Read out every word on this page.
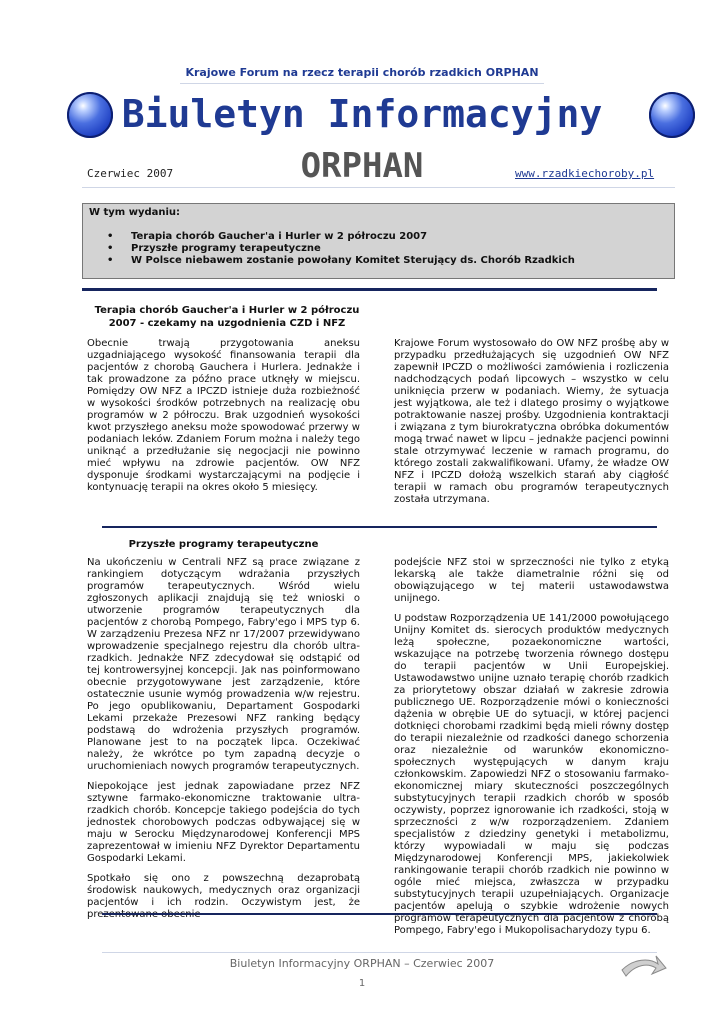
Krajowe Forum na rzecz terapii chorób rzadkich ORPHAN
Biuletyn Informacyjny
ORPHAN
Czerwiec 2007	www.rzadkiechoroby.pl
W tym wydaniu:
• Terapia chorób Gaucher'a i Hurler w 2 półroczu 2007
• Przyszłe programy terapeutyczne
• W Polsce niebawem zostanie powołany Komitet Sterujący ds. Chorób Rzadkich
Terapia chorób Gaucher'a i Hurler w 2 półroczu
2007 - czekamy na uzgodnienia CZD i NFZ

Obecnie trwają przygotowania aneksu uzgadniającego wysokość finansowania terapii dla pacjentów z chorobą Gauchera i Hurlera. Jednakże i tak prowadzone za późno prace utknęły w miejscu. Pomiędzy OW NFZ a IPCZD istnieje duża rozbieżność w wysokości środków potrzebnych na realizację obu programów w 2 półroczu. Brak uzgodnień wysokości kwot przyszłego aneksu może spowodować przerwy w podaniach leków. Zdaniem Forum można i należy tego uniknąć a przedłużanie się negocjacji nie powinno mieć wpływu na zdrowie pacjentów. OW NFZ dysponuje środkami wystarczającymi na podjęcie i kontynuację terapii na okres około 5 miesięcy.

Krajowe Forum wystosowało do OW NFZ prośbę aby w przypadku przedłużających się uzgodnień OW NFZ zapewnił IPCZD o możliwości zamówienia i rozliczenia nadchodzących podań lipcowych – wszystko w celu uniknięcia przerw w podaniach. Wiemy, że sytuacja jest wyjątkowa, ale też i dlatego prosimy o wyjątkowe potraktowanie naszej prośby. Uzgodnienia kontraktacji i związana z tym biurokratyczna obróbka dokumentów mogą trwać nawet w lipcu – jednakże pacjenci powinni stale otrzymywać leczenie w ramach programu, do którego zostali zakwalifikowani. Ufamy, że władze OW NFZ i IPCZD dołożą wszelkich starań aby ciągłość terapii w ramach obu programów terapeutycznych została utrzymana.

Przyszłe programy terapeutyczne

Na ukończeniu w Centrali NFZ są prace związane z rankingiem dotyczącym wdrażania przyszłych programów terapeutycznych. Wśród wielu zgłoszonych aplikacji znajdują się też wnioski o utworzenie programów terapeutycznych dla pacjentów z chorobą Pompego, Fabry'ego i MPS typ 6. W zarządzeniu Prezesa NFZ nr 17/2007 przewidywano wprowadzenie specjalnego rejestru dla chorób ultra-rzadkich. Jednakże NFZ zdecydował się odstąpić od tej kontrowersyjnej koncepcji. Jak nas poinformowano obecnie przygotowywane jest zarządzenie, które ostatecznie usunie wymóg prowadzenia w/w rejestru. Po jego opublikowaniu, Departament Gospodarki Lekami przekaże Prezesowi NFZ ranking będący podstawą do wdrożenia przyszłych programów. Planowane jest to na początek lipca. Oczekiwać należy, że wkrótce po tym zapadną decyzje o uruchomieniach nowych programów terapeutycznych.

Niepokojące jest jednak zapowiadane przez NFZ sztywne farmako-ekonomiczne traktowanie ultra-rzadkich chorób. Koncepcje takiego podejścia do tych jednostek chorobowych podczas odbywającej się w maju w Serocku Międzynarodowej Konferencji MPS zaprezentował w imieniu NFZ Dyrektor Departamentu Gospodarki Lekami.

Spotkało się ono z powszechną dezaprobatą środowisk naukowych, medycznych oraz organizacji pacjentów i ich rodzin. Oczywistym jest, że prezentowane obecnie

podejście NFZ stoi w sprzeczności nie tylko z etyką lekarską ale także diametralnie różni się od obowiązującego w tej materii ustawodawstwa unijnego.

U podstaw Rozporządzenia UE 141/2000 powołującego Unijny Komitet ds. sierocych produktów medycznych leżą społeczne, pozaekonomiczne wartości, wskazujące na potrzebę tworzenia równego dostępu do terapii pacjentów w Unii Europejskiej. Ustawodawstwo unijne uznało terapię chorób rzadkich za priorytetowy obszar działań w zakresie zdrowia publicznego UE. Rozporządzenie mówi o konieczności dążenia w obrębie UE do sytuacji, w której pacjenci dotknięci chorobami rzadkimi będą mieli równy dostęp do terapii niezależnie od rzadkości danego schorzenia oraz niezależnie od warunków ekonomiczno-społecznych występujących w danym kraju członkowskim. Zapowiedzi NFZ o stosowaniu farmako-ekonomicznej miary skuteczności poszczególnych substytucyjnych terapii rzadkich chorób w sposób oczywisty, poprzez ignorowanie ich rzadkości, stoją w sprzeczności z w/w rozporządzeniem. Zdaniem specjalistów z dziedziny genetyki i metabolizmu, którzy wypowiadali w maju się podczas Międzynarodowej Konferencji MPS, jakiekolwiek rankingowanie terapii chorób rzadkich nie powinno w ogóle mieć miejsca, zwłaszcza w przypadku substytucyjnych terapii uzupełniających. Organizacje pacjentów apelują o szybkie wdrożenie nowych programów terapeutycznych dla pacjentów z chorobą Pompego, Fabry'ego i Mukopolisacharydozy typu 6.

Biuletyn Informacyjny ORPHAN – Czerwiec 2007
1
